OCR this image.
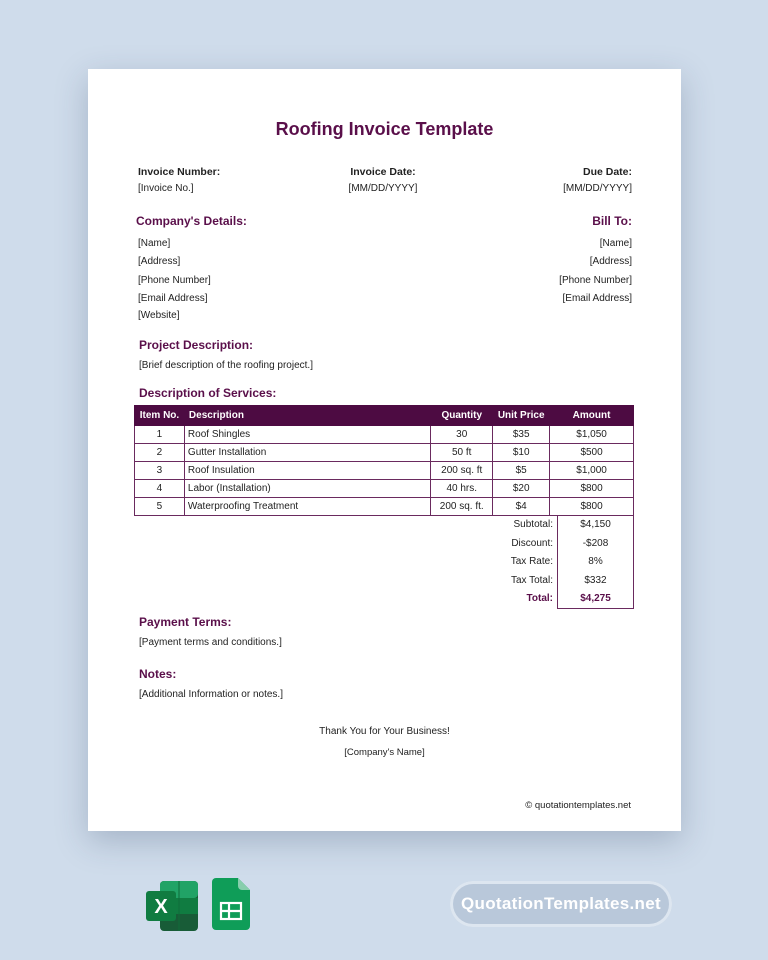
Roofing Invoice Template
Invoice Number:
[Invoice No.]
Invoice Date:
[MM/DD/YYYY]
Due Date:
[MM/DD/YYYY]
Company's Details:
[Name]
[Address]
[Phone Number]
[Email Address]
[Website]
Bill To:
[Name]
[Address]
[Phone Number]
[Email Address]
Project Description:
[Brief description of the roofing project.]
Description of Services:
Item No.	Description	Quantity	Unit Price	Amount
1	Roof Shingles	30	$35	$1,050
2	Gutter Installation	50 ft	$10	$500
3	Roof Insulation	200 sq. ft	$5	$1,000
4	Labor (Installation)	40 hrs.	$20	$800
5	Waterproofing Treatment	200 sq. ft.	$4	$800
Subtotal:	$4,150
Discount:	-$208
Tax Rate:	8%
Tax Total:	$332
Total:	$4,275
Payment Terms:
[Payment terms and conditions.]
Notes:
[Additional Information or notes.]
Thank You for Your Business!
[Company's Name]
© quotationtemplates.net
X	QuotationTemplates.net
